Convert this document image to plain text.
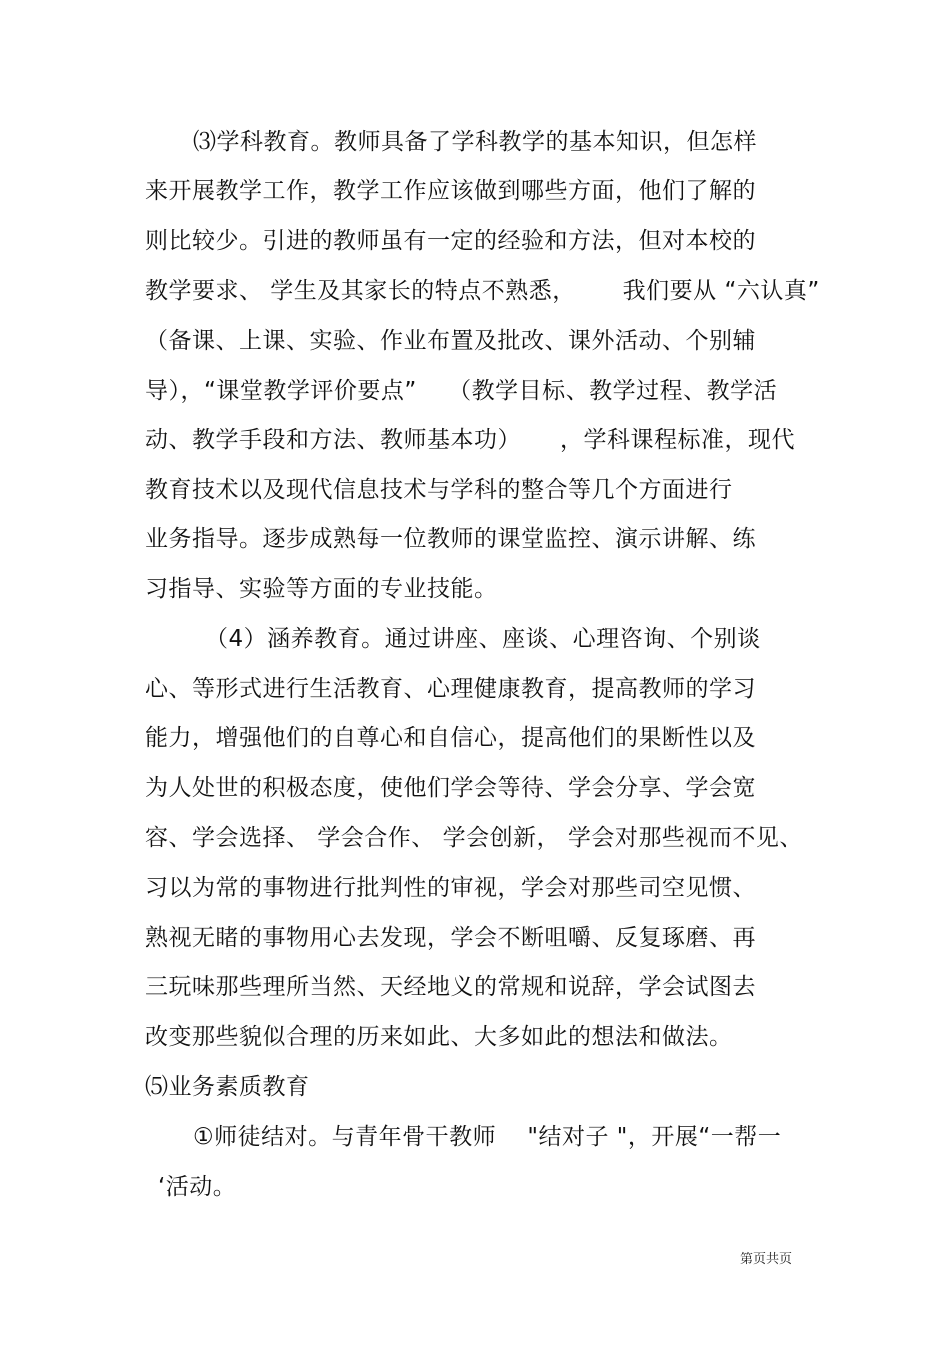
⑶学科教育。教师具备了学科教学的基本知识，但怎样
来开展教学工作，教学工作应该做到哪些方面，他们了解的
则比较少。引进的教师虽有一定的经验和方法，但对本校的
教学要求、 学生及其家长的特点不熟悉，      我们要从 “六认真”
（备课、上课、实验、作业布置及批改、课外活动、个别辅
导），“课堂教学评价要点”    （教学目标、教学过程、教学活
动、教学手段和方法、教师基本功）     ，学科课程标准，现代
教育技术以及现代信息技术与学科的整合等几个方面进行
业务指导。逐步成熟每一位教师的课堂监控、演示讲解、练
习指导、实验等方面的专业技能。
（4）涵养教育。通过讲座、座谈、心理咨询、个别谈
心、等形式进行生活教育、心理健康教育，提高教师的学习
能力，增强他们的自尊心和自信心，提高他们的果断性以及
为人处世的积极态度，使他们学会等待、学会分享、学会宽
容、学会选择、 学会合作、 学会创新， 学会对那些视而不见、
习以为常的事物进行批判性的审视，学会对那些司空见惯、
熟视无睹的事物用心去发现，学会不断咀嚼、反复琢磨、再
三玩味那些理所当然、天经地义的常规和说辞，学会试图去
改变那些貌似合理的历来如此、大多如此的想法和做法。
⑸业务素质教育
①师徒结对。与青年骨干教师    "结对子 "，开展“一帮一
‘活动。
第页共页
